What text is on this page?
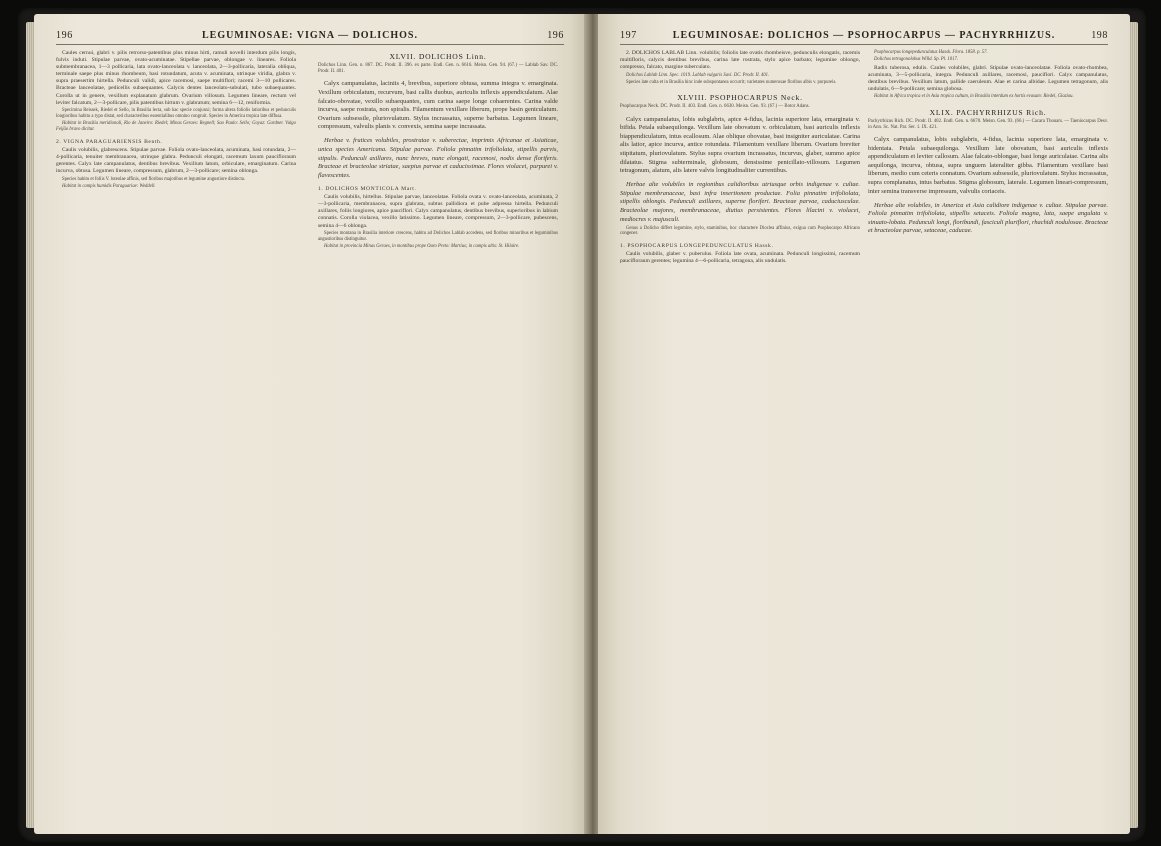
196	LEGUMINOSAE: VIGNA — DOLICHOS.	196

Caules cernui, glabri v. pilis retrorso-patentibus plus minus hirti, ramuli novelli interdum pilis longis, fulvis induti. Stipulae parvae, ovato-acuminatae. Stipellae parvae, oblongae v. lineares. Foliola submembranacea, 1—3 pollicaria, lata ovato-lanceolata v. lanceolata, 2—3-pollicaria, lateralia obliqua, terminale saepe plus minus rhombeum, basi rotundatum, acuta v. acuminata, utrinque viridia, glabra v. supra praesertim hirtella. Pedunculi validi, apice racemosi, saepe multiflori; racemi 3—10 pollicares. Bracteae lanceolatae, pedicellis subaequantes. Calycis dentes lanceolato-subulati, tubo subaequantes. Corolla ut in genere, vexillum explanatum glabrum. Ovarium villosum. Legumen lineare, rectum vel leviter falcatum, 2—3-pollicare, pilis patentibus hirtum v. glabratum; semina 6—12, reniformia.

Specimina Reissek, Riedel et Sello, in Brasilia lecta, sub hac specie conjunxi; forma altera foliolis latioribus et pedunculis longioribus habitu a typo distat, sed characteribus essentialibus omnino congruit. Species in America tropica late diffusa.

Habitat in Brasilia meridionali, Rio de Janeiro: Riedel; Minas Geraes: Regnell; Sao Paulo: Sello; Goyaz: Gardner. Vulgo Feijão bravo dicitur.

2. VIGNA PARAGUARIENSIS Benth.

Caulis volubilis, glabrescens. Stipulae parvae. Foliola ovato-lanceolata, acuminata, basi rotundata, 2—4-pollicaria, tenuiter membranacea, utrinque glabra. Pedunculi elongati, racemum laxum paucifloraum gerentes. Calyx late campanulatus, dentibus brevibus. Vexillum latum, orbiculare, emarginatum. Carina incurva, obtusa. Legumen lineare, compressum, glabrum, 2—3-pollicare; semina oblonga.

Species habitu et foliis V. luteolae affinis, sed floribus majoribus et legumine angustiore distincta.

Habitat in campis humidis Paraguariae: Weddell.

XLVII. DOLICHOS Linn.

Dolichos Linn. Gen. n. 867. DC. Prodr. II. 396. ex parte. Endl. Gen. n. 6616. Meisn. Gen. 94. (67.) — Lablab Sav. DC. Prodr. II. 401.

Calyx campanulatus, laciniis 4, brevibus, superiore obtusa, summa integra v. emarginata. Vexillum orbiculatum, recurvum, basi callis duobus, auriculis inflexis appendiculatum. Alae falcato-obovatae, vexillo subaequantes, cum carina saepe longe cohaerentes. Carina valde incurva, saepe rostrata, non spiralis. Filamentum vexillare liberum, prope basin geniculatum. Ovarium subsessile, pluriovulatum. Stylus incrassatus, superne barbatus. Legumen lineare, compressum, valvulis planis v. convexis, semina saepe incrassata.

Herbae v. frutices volubiles, prostratae v. suberectae, imprimis Africanae et Asiaticae, unica species Americana. Stipulae parvae. Foliola pinnatim trifoliolata, stipellis parvis, stipulis. Pedunculi axillares, nunc breves, nunc elongati, racemosi, nodis dense floriferis. Bracteae et bracteolae striatae, saepius parvae et caducissimae. Flores violacei, purpurei v. flavescentes.

1. DOLICHOS MONTICOLA Mart.

Caulis volubilis, hirtellus. Stipulae parvae, lanceolatae. Foliola ovata v. ovato-lanceolata, acuminata, 2—3-pollicaria, membranacea, supra glabrata, subtus pallidiora et pube adpressa hirtella. Pedunculi axillares, foliis longiores, apice pauciflori. Calyx campanulatus, dentibus brevibus, superioribus in labium connatis. Corolla violacea, vexillo latissimo. Legumen lineare, compressum, 2—3-pollicare, pubescens, semina 4—6 oblonga.

Species montana in Brasilia interiore crescens, habitu ad Dolichos Lablab accedens, sed floribus minoribus et leguminibus angustioribus distinguitur.

Habitat in provincia Minas Geraes, in montibus prope Ouro Preto: Martius; in campis altis: St. Hilaire.

197	LEGUMINOSAE: DOLICHOS — PSOPHOCARPUS — PACHYRRHIZUS.	198

2. DOLICHOS LABLAB Linn. volubilis; foliolis late ovatis rhombeisve, pedunculis elongatis, racemis multifloris, calycis dentibus brevibus, carina late rostrata, stylo apice barbato; legumine oblongo, compresso, falcato, margine tuberculato.

Dolichos Lablab Linn. Spec. 1019. Lablab vulgaris Savi. DC. Prodr. II. 401.

Species late culta et in Brasilia hinc inde subspontanea occurrit; varietates numerosae floribus albis v. purpureis.

XLVIII. PSOPHOCARPUS Neck.

Psophocarpus Neck. DC. Prodr. II. 403. Endl. Gen. n. 6630. Meisn. Gen. 93. (67.) — Botor Adans.

Calyx campanulatus, lobis subglabris, apice 4-fidus, lacinia superiore lata, emarginata v. bifida. Petala subaequilonga. Vexillum late obovatum v. orbiculatum, basi auriculis inflexis biappendiculatum, intus ecallosum. Alae oblique obovatae, basi insigniter auriculatae. Carina alis latior, apice incurva, antice rotundata. Filamentum vexillare liberum. Ovarium breviter stipitatum, pluriovulatum. Stylus supra ovarium incrassatus, incurvus, glaber, summo apice dilatatus. Stigma subterminale, globosum, densissime penicillato-villosum. Legumen tetragonum, alatum, alis latere valvis longitudinaliter currentibus.

Herbae alte volubiles in regionibus calidioribus utriusque orbis indigenae v. cultae. Stipulae membranaceae, basi infra insertionem productae. Folia pinnatim trifoliolata, stipellis oblongis. Pedunculi axillares, superne floriferi. Bracteae parvae, caduciusculae. Bracteolae majores, membranaceae, diutius persistentes. Flores lilacini v. violacei, mediocres v. majusculi.

Genus a Dolicho differt legumine, stylo, staminibus, hoc charactere Dioclea affinius, exigua cum Psophocarpo Africano congener.

1. PSOPHOCARPUS LONGEPEDUNCULATUS Hassk.

Caulis volubilis, glaber v. puberulus. Foliola late ovata, acuminata. Pedunculi longissimi, racemum paucifloraum gerentes; legumina 4—6-pollicaria, tetragona, alis undulatis.

Psophocarpus longepedunculatus Hassk. Flora. 1858. p. 57.

Dolichos tetragonolobus Willd. Sp. Pl. 1017.

Radix tuberosa, edulis. Caules volubiles, glabri. Stipulae ovato-lanceolatae. Foliola ovato-rhombea, acuminata, 3—5-pollicaria, integra. Pedunculi axillares, racemosi, pauciflori. Calyx campanulatus, dentibus brevibus. Vexillum latum, pallide caeruleum. Alae et carina albidae. Legumen tetragonum, alis undulatis, 6—9-pollicare; semina globosa.

Habitat in Africa tropica et in Asia tropica cultum, in Brasilia interdum ex hortis evasum: Riedel, Glaziou.

XLIX. PACHYRRHIZUS Rich.

Pachyrrhizus Rich. DC. Prodr. II. 402. Endl. Gen. n. 6670. Meisn. Gen. 93. (66.) — Cacara Thouars. — Taeniocarpus Desv. in Ann. Sc. Nat. Par. Ser. 1. IX. 421.

Calyx campanulatus, lobis subglabris, 4-fidus, lacinia superiore lata, emarginata v. bidentata. Petala subaequilonga. Vexillum late obovatum, basi auriculis inflexis appendiculatum et leviter callosum. Alae falcato-oblongae, basi longe auriculatae. Carina alis aequilonga, incurva, obtusa, supra unguem lateraliter gibba. Filamentum vexillare basi liberum, medio cum ceteris connatum. Ovarium subsessile, pluriovulatum. Stylus incrassatus, supra complanatus, intus barbatus. Stigma globosum, laterale. Legumen lineari-compressum, inter semina transverse impressum, valvulis coriaceis.

Herbae alte volubiles, in America et Asia calidiore indigenae v. cultae. Stipulae parvae. Foliola pinnatim trifoliolata, stipellis setaceis. Foliola magna, lata, saepe angulata v. sinuato-lobata. Pedunculi longi, floribundi, fasciculi pluriflori, rhachidi nodulosae. Bracteae et bracteolae parvae, setaceae, caducae.
